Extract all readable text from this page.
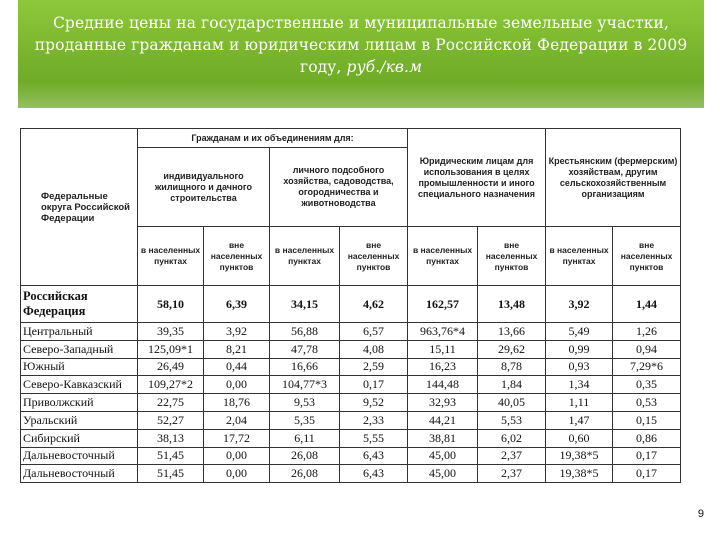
Средние цены на государственные и муниципальные земельные участки, проданные гражданам и юридическим лицам в Российской Федерации в 2009 году, руб./кв.м
Федеральные округа Российской Федерации	Гражданам и их объединениям для:				Юридическим лицам для использования в целях промышленности и иного специального назначения		Крестьянским (фермерским) хозяйствам, другим сельскохозяйственным организациям	
	индивидуального жилищного и дачного строительства		личного подсобного хозяйства, садоводства, огородничества и животноводства					
	в населенных пунктах	вне населенных пунктов	в населенных пунктах	вне населенных пунктов	в населенных пунктах	вне населенных пунктов	в населенных пунктах	вне населенных пунктов
Российская Федерация	58,10	6,39	34,15	4,62	162,57	13,48	3,92	1,44
Центральный	39,35	3,92	56,88	6,57	963,76*4	13,66	5,49	1,26
Северо-Западный	125,09*1	8,21	47,78	4,08	15,11	29,62	0,99	0,94
Южный	26,49	0,44	16,66	2,59	16,23	8,78	0,93	7,29*6
Северо-Кавказский	109,27*2	0,00	104,77*3	0,17	144,48	1,84	1,34	0,35
Приволжский	22,75	18,76	9,53	9,52	32,93	40,05	1,11	0,53
Уральский	52,27	2,04	5,35	2,33	44,21	5,53	1,47	0,15
Сибирский	38,13	17,72	6,11	5,55	38,81	6,02	0,60	0,86
Дальневосточный	51,45	0,00	26,08	6,43	45,00	2,37	19,38*5	0,17
Дальневосточный	51,45	0,00	26,08	6,43	45,00	2,37	19,38*5	0,17
9
